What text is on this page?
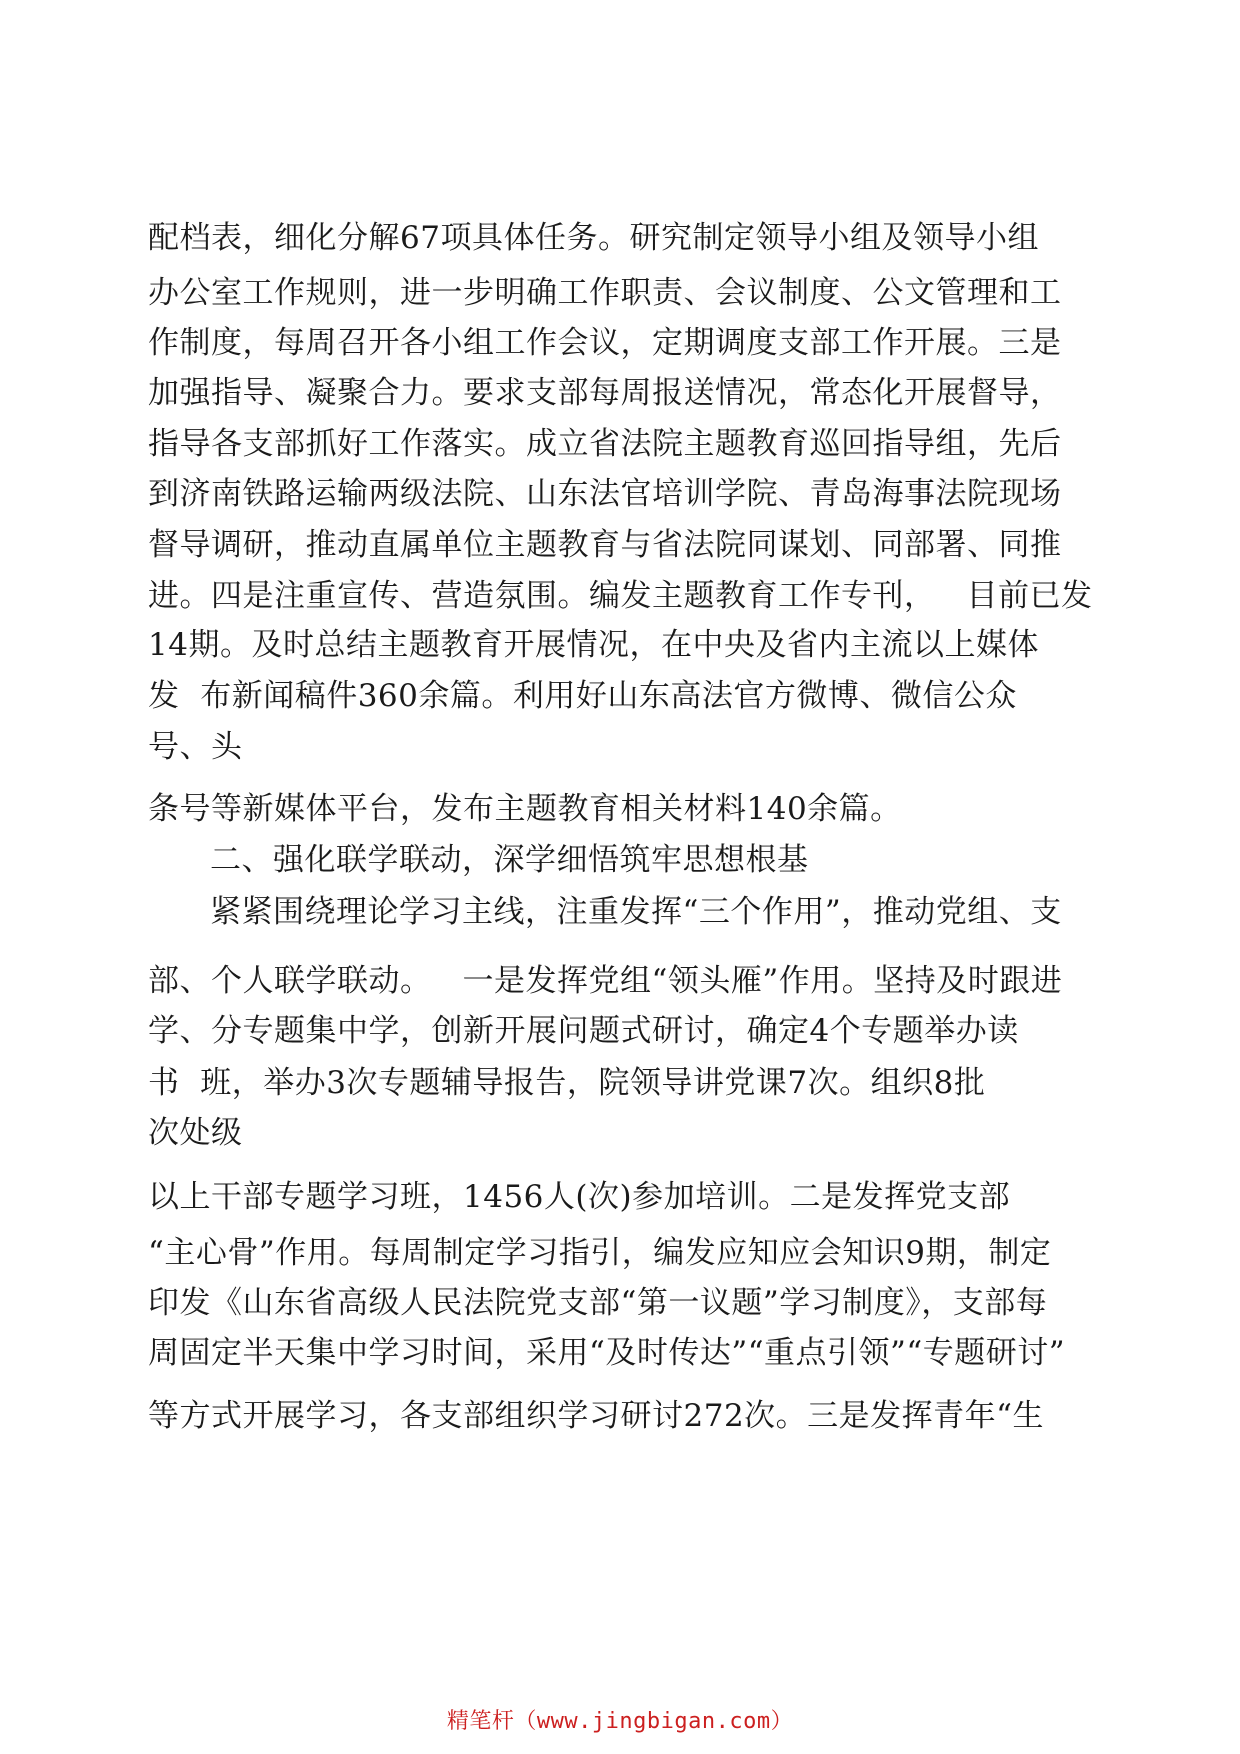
配档表，细化分解67项具体任务。研究制定领导小组及领导小组
办公室工作规则，进一步明确工作职责、会议制度、公文管理和工
作制度，每周召开各小组工作会议，定期调度支部工作开展。三是
加强指导、凝聚合力。要求支部每周报送情况，常态化开展督导，
指导各支部抓好工作落实。成立省法院主题教育巡回指导组，先后
到济南铁路运输两级法院、山东法官培训学院、青岛海事法院现场
督导调研，推动直属单位主题教育与省法院同谋划、同部署、同推
进。四是注重宣传、营造氛围。编发主题教育工作专刊，   目前已发
14期。及时总结主题教育开展情况，在中央及省内主流以上媒体
发  布新闻稿件360余篇。利用好山东高法官方微博、微信公众
号、头
条号等新媒体平台，发布主题教育相关材料140余篇。
二、强化联学联动，深学细悟筑牢思想根基
紧紧围绕理论学习主线，注重发挥“三个作用”，推动党组、支
部、个人联学联动。   一是发挥党组“领头雁”作用。坚持及时跟进
学、分专题集中学，创新开展问题式研讨，确定4个专题举办读
书  班，举办3次专题辅导报告，院领导讲党课7次。组织8批
次处级
以上干部专题学习班，1456人(次)参加培训。二是发挥党支部
“主心骨”作用。每周制定学习指引，编发应知应会知识9期，制定
印发《山东省高级人民法院党支部“第一议题”学习制度》，支部每
周固定半天集中学习时间，采用“及时传达”“重点引领”“专题研讨”
等方式开展学习，各支部组织学习研讨272次。三是发挥青年“生
精笔杆（www.jingbigan.com）
